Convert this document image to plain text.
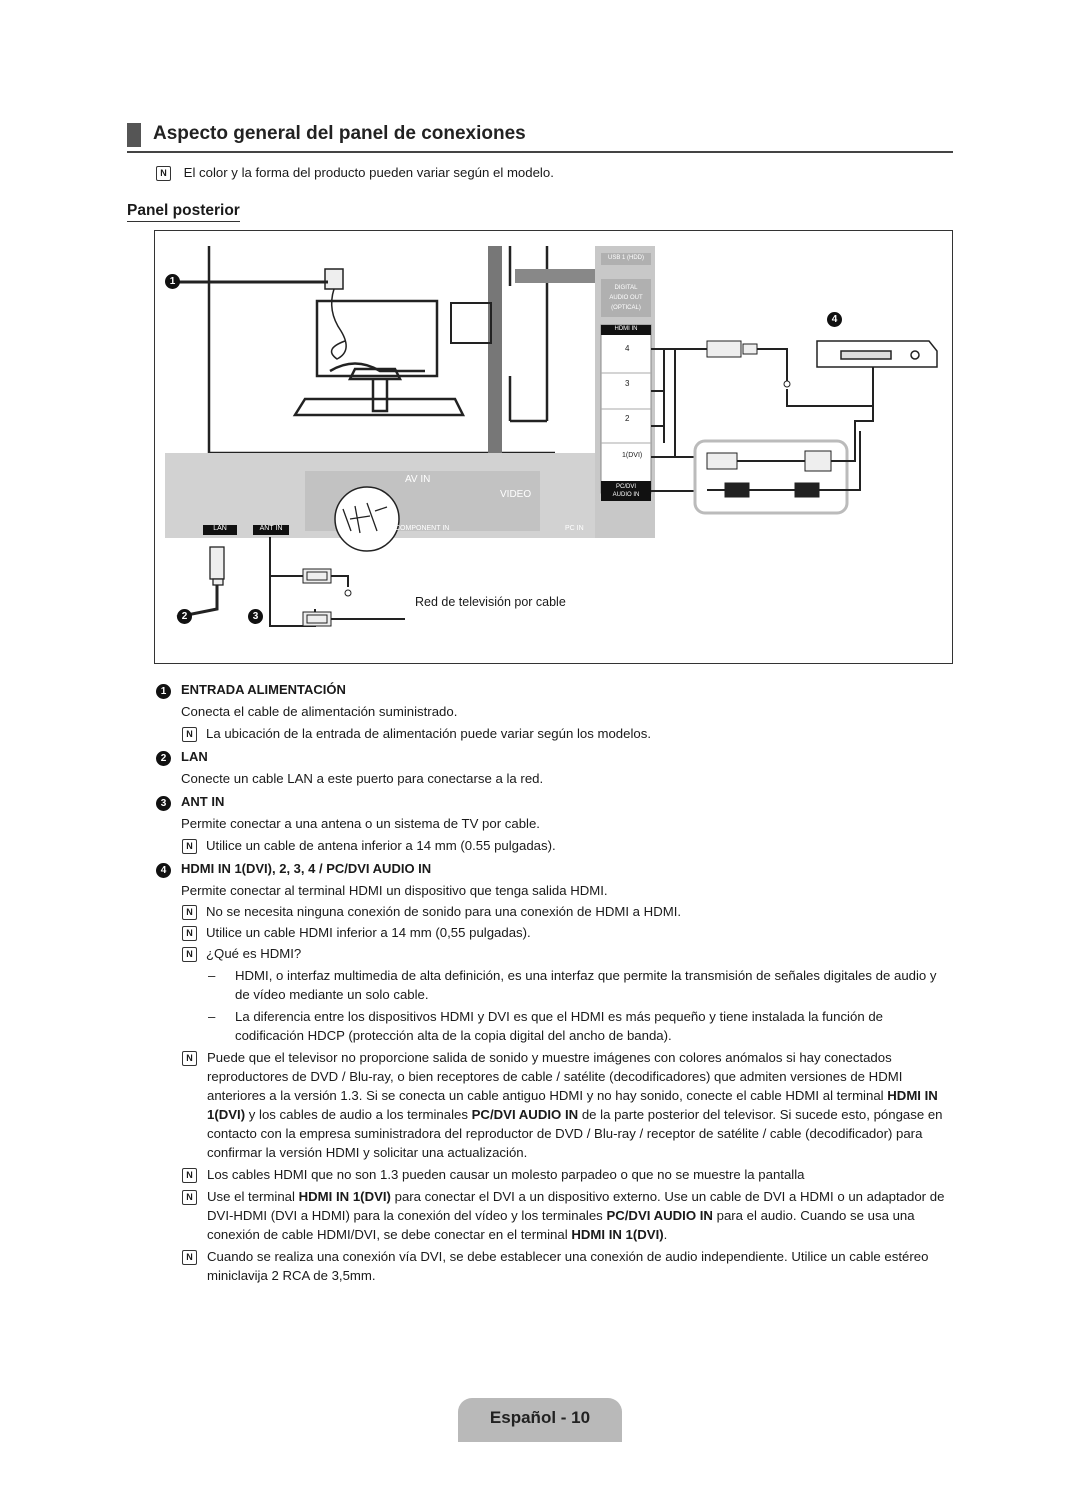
Aspecto general del panel de conexiones
N El color y la forma del producto pueden variar según el modelo.
Panel posterior
1
2	3
4
USB 1 (HDD)
DIGITAL
AUDIO OUT
(OPTICAL)
HDMI IN
4
3
2
1(DVI)
PC/DVI
AUDIO IN
AV IN
VIDEO
COMPONENT IN	PC IN
LAN	ANT IN
Red de televisión por cable
1 ENTRADA ALIMENTACIÓN
Conecta el cable de alimentación suministrado.
N La ubicación de la entrada de alimentación puede variar según los modelos.
2 LAN
Conecte un cable LAN a este puerto para conectarse a la red.
3 ANT IN
Permite conectar a una antena o un sistema de TV por cable.
N Utilice un cable de antena inferior a 14 mm (0.55 pulgadas).
4 HDMI IN 1(DVI), 2, 3, 4 / PC/DVI AUDIO IN
Permite conectar al terminal HDMI un dispositivo que tenga salida HDMI.
N No se necesita ninguna conexión de sonido para una conexión de HDMI a HDMI.
N Utilice un cable HDMI inferior a 14 mm (0,55 pulgadas).
N ¿Qué es HDMI?
– HDMI, o interfaz multimedia de alta definición, es una interfaz que permite la transmisión de señales digitales de audio y de vídeo mediante un solo cable.
– La diferencia entre los dispositivos HDMI y DVI es que el HDMI es más pequeño y tiene instalada la función de codificación HDCP (protección alta de la copia digital del ancho de banda).
N	Puede que el televisor no proporcione salida de sonido y muestre imágenes con colores anómalos si hay conectados reproductores de DVD / Blu-ray, o bien receptores de cable / satélite (decodificadores) que admiten versiones de HDMI anteriores a la versión 1.3. Si se conecta un cable antiguo HDMI y no hay sonido, conecte el cable HDMI al terminal HDMI IN 1(DVI) y los cables de audio a los terminales PC/DVI AUDIO IN de la parte posterior del televisor. Si sucede esto, póngase en contacto con la empresa suministradora del reproductor de DVD / Blu-ray / receptor de satélite / cable (decodificador) para confirmar la versión HDMI y solicitar una actualización.
N	Los cables HDMI que no son 1.3 pueden causar un molesto parpadeo o que no se muestre la pantalla
N	Use el terminal HDMI IN 1(DVI) para conectar el DVI a un dispositivo externo. Use un cable de DVI a HDMI o un adaptador de DVI-HDMI (DVI a HDMI) para la conexión del vídeo y los terminales PC/DVI AUDIO IN para el audio. Cuando se usa una conexión de cable HDMI/DVI, se debe conectar en el terminal HDMI IN 1(DVI).
N	Cuando se realiza una conexión vía DVI, se debe establecer una conexión de audio independiente. Utilice un cable estéreo miniclavija 2 RCA de 3,5mm.
Español - 10
